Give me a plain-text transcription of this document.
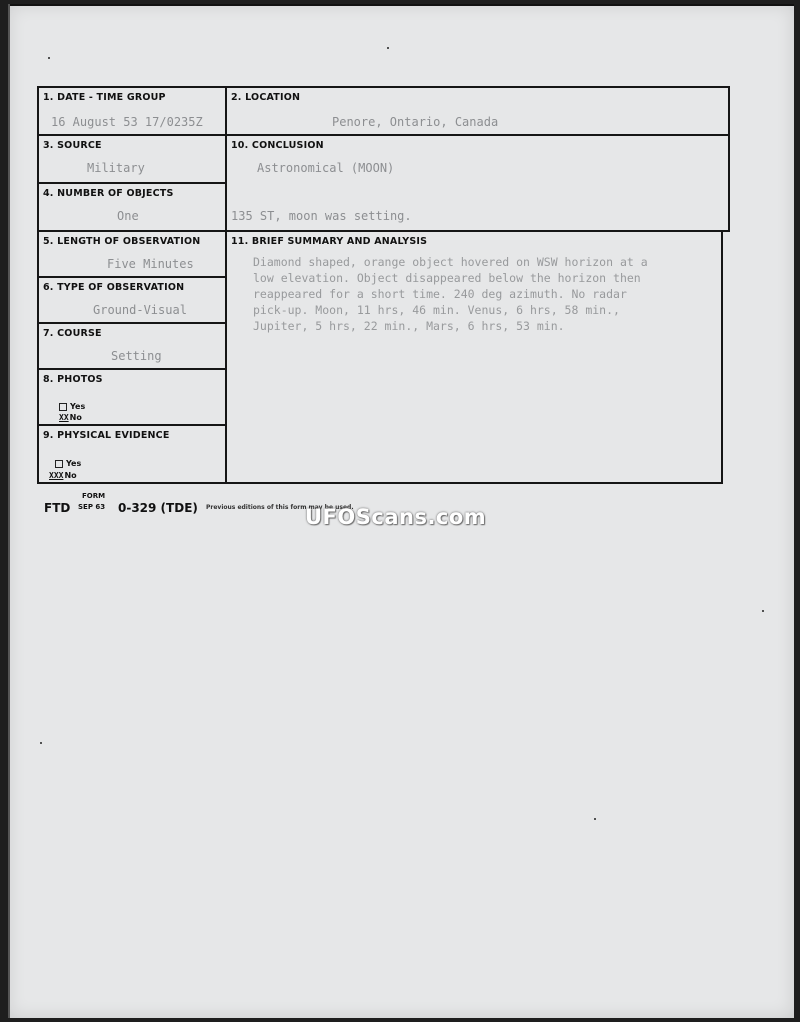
1. DATE - TIME GROUP
16 August 53 17/0235Z
2. LOCATION
Penore, Ontario, Canada
3. SOURCE
Military
4. NUMBER OF OBJECTS
One
10. CONCLUSION
Astronomical (MOON)
135 ST, moon was setting.
5. LENGTH OF OBSERVATION
Five Minutes
6. TYPE OF OBSERVATION
Ground-Visual
7. COURSE
Setting
8. PHOTOS
Yes
XXNo
9. PHYSICAL EVIDENCE
Yes
XXXNo
11. BRIEF SUMMARY AND ANALYSIS
Diamond shaped, orange object hovered on WSW horizon at a
low elevation. Object disappeared below the horizon then
reappeared for a short time. 240 deg azimuth. No radar
pick-up. Moon, 11 hrs, 46 min. Venus, 6 hrs, 58 min.,
Jupiter, 5 hrs, 22 min., Mars, 6 hrs, 53 min.
FORM
FTD SEP 63 0-329 (TDE) Previous editions of this form may be used.
UFOScans.com
